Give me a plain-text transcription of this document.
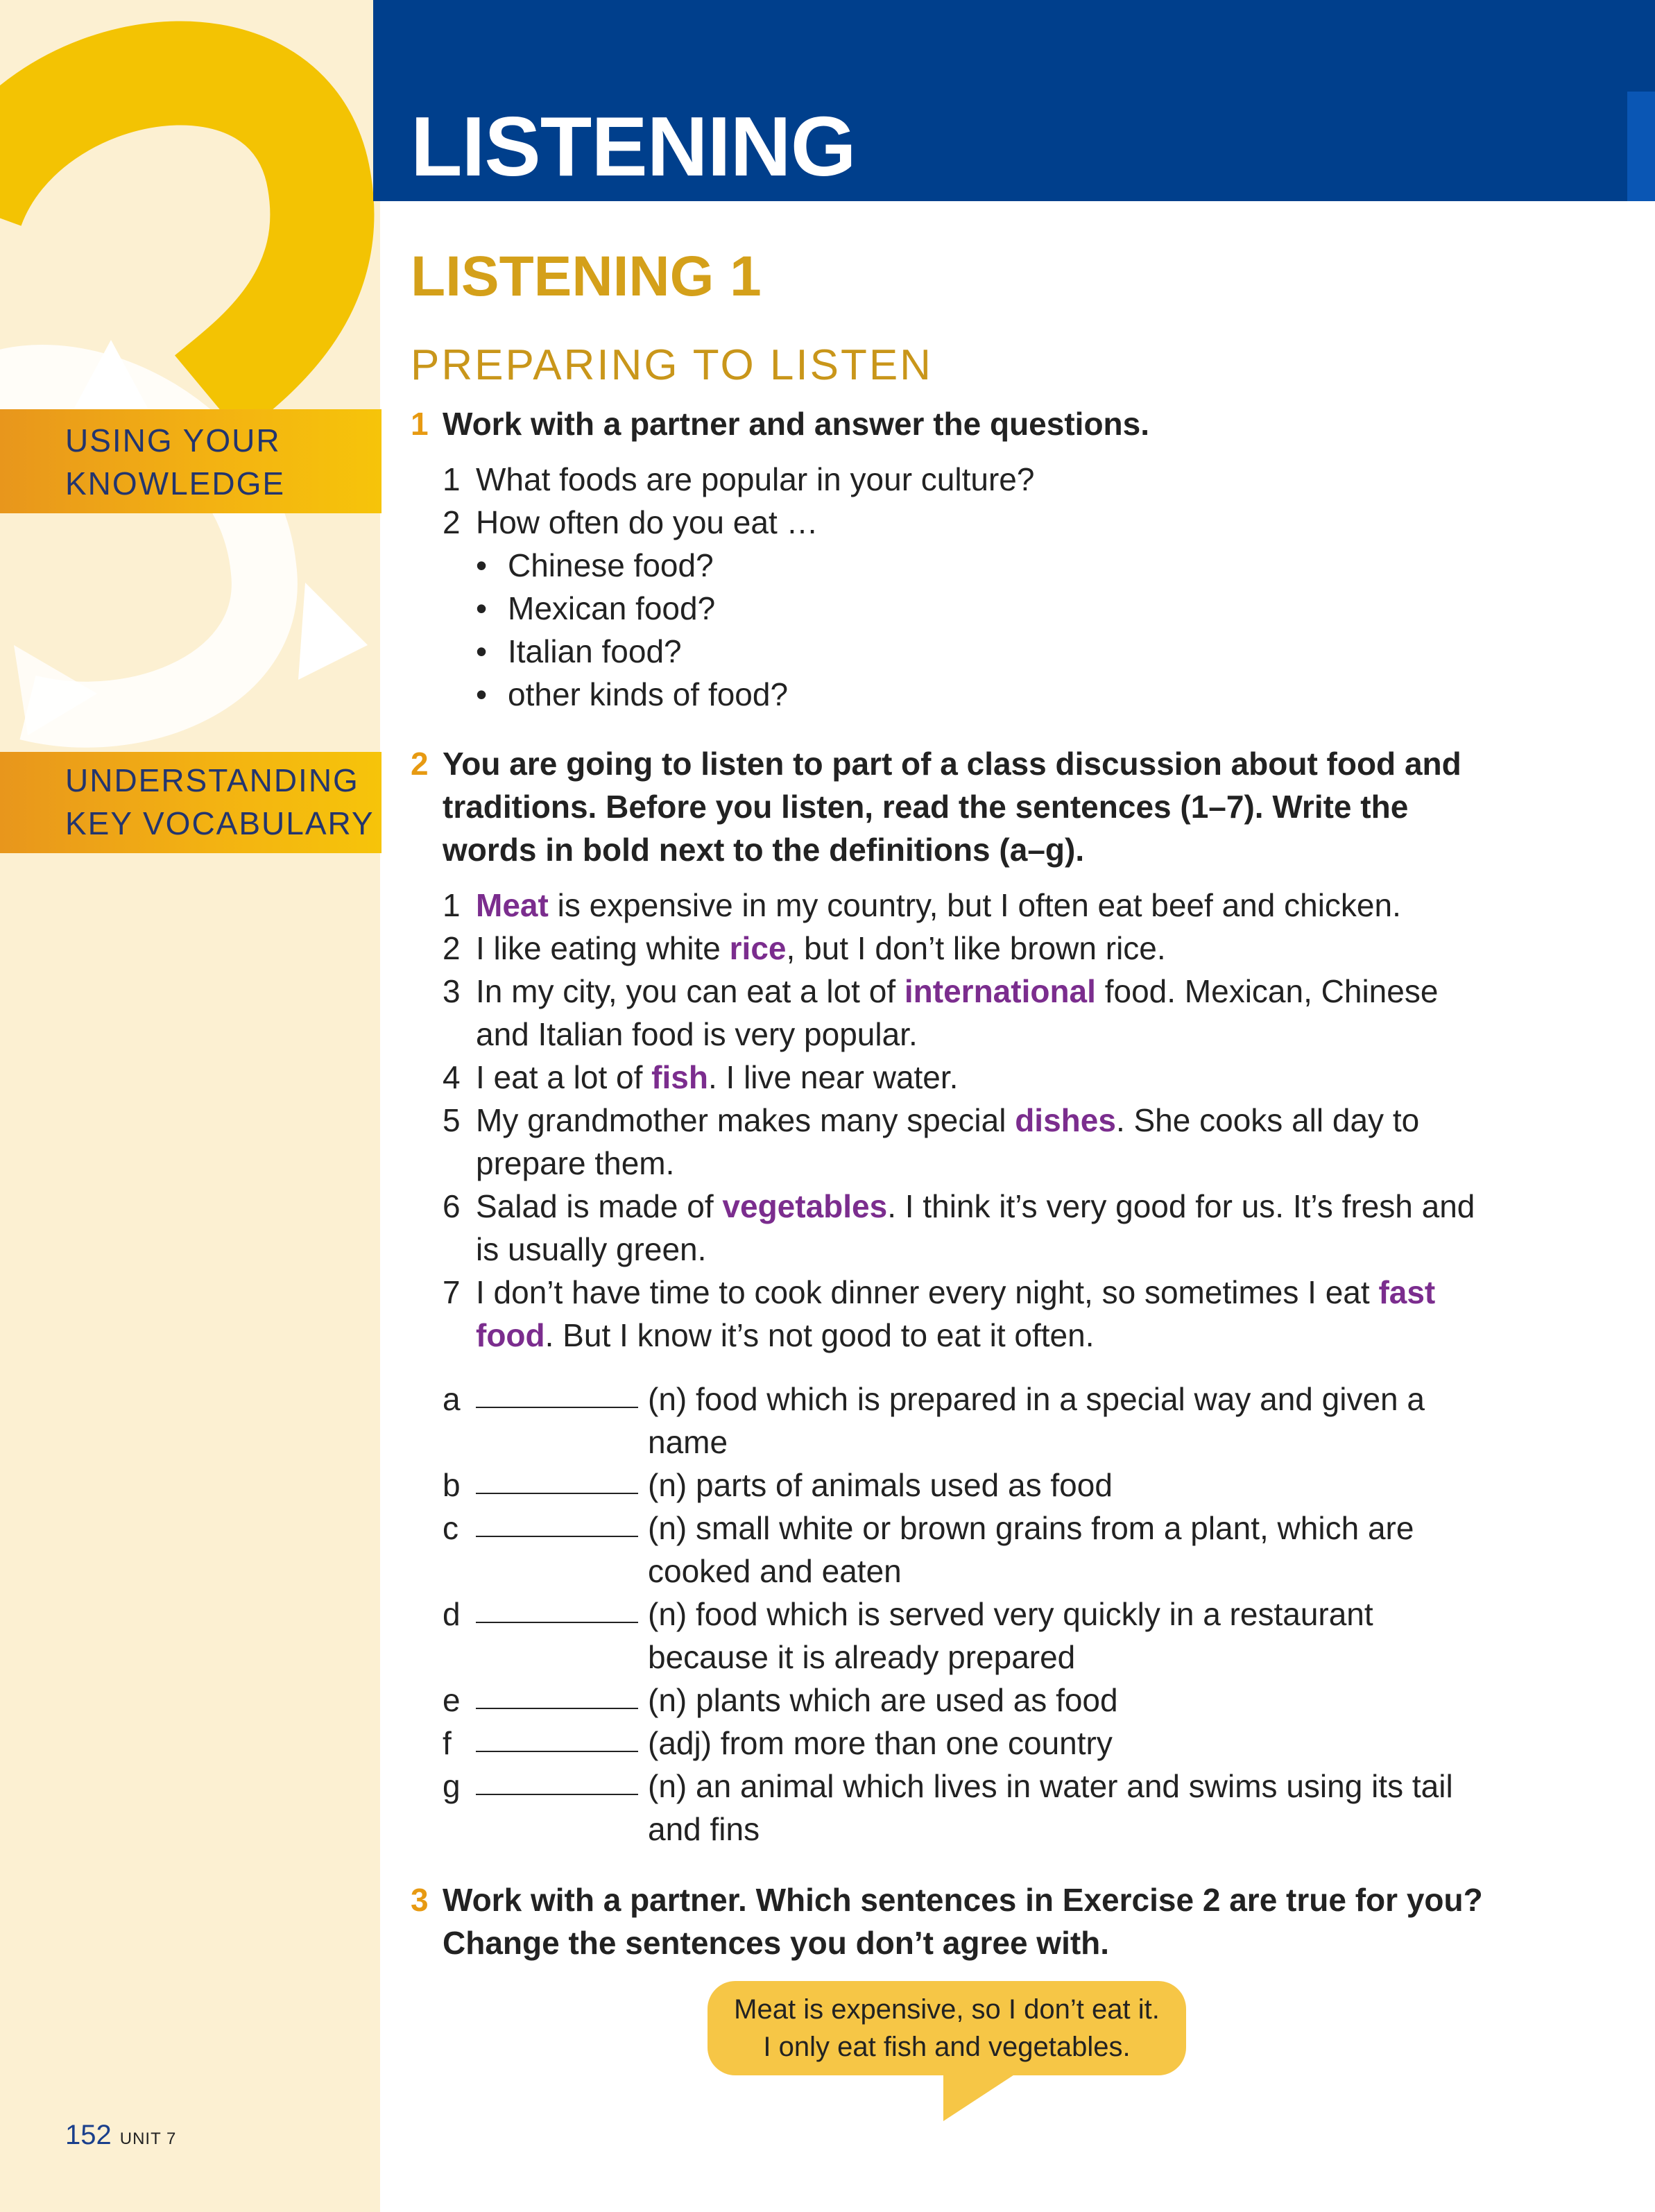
LISTENING
USING YOUR
KNOWLEDGE
UNDERSTANDING
KEY VOCABULARY
LISTENING 1
PREPARING TO LISTEN
1 Work with a partner and answer the questions.
1 What foods are popular in your culture?
2 How often do you eat …
• Chinese food?
• Mexican food?
• Italian food?
• other kinds of food?
2 You are going to listen to part of a class discussion about food and traditions. Before you listen, read the sentences (1–7). Write the words in bold next to the definitions (a–g).
1 Meat is expensive in my country, but I often eat beef and chicken.
2 I like eating white rice, but I don’t like brown rice.
3 In my city, you can eat a lot of international food. Mexican, Chinese and Italian food is very popular.
4 I eat a lot of fish. I live near water.
5 My grandmother makes many special dishes. She cooks all day to prepare them.
6 Salad is made of vegetables. I think it’s very good for us. It’s fresh and is usually green.
7 I don’t have time to cook dinner every night, so sometimes I eat fast food. But I know it’s not good to eat it often.
a	(n) food which is prepared in a special way and given a name
b	(n) parts of animals used as food
c	(n) small white or brown grains from a plant, which are cooked and eaten
d	(n) food which is served very quickly in a restaurant because it is already prepared
e	(n) plants which are used as food
f	(adj) from more than one country
g	(n) an animal which lives in water and swims using its tail and fins
3 Work with a partner. Which sentences in Exercise 2 are true for you? Change the sentences you don’t agree with.
Meat is expensive, so I don’t eat it.
I only eat fish and vegetables.
152 UNIT 7
